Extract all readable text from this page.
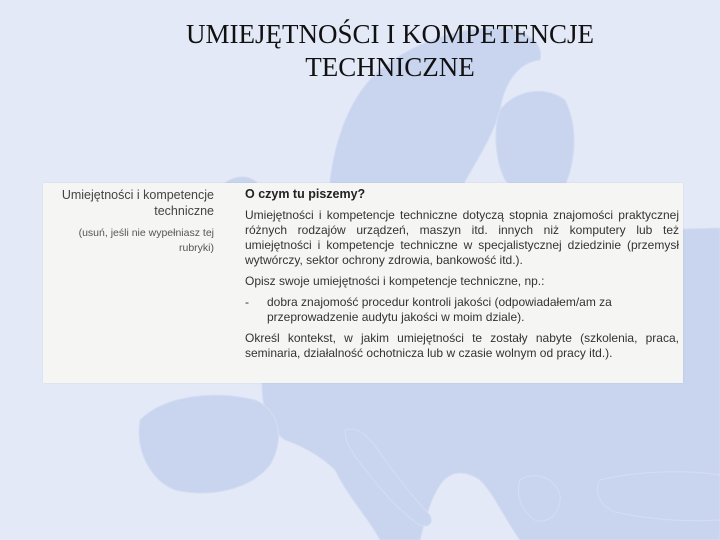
UMIEJĘTNOŚCI I KOMPETENCJE
TECHNICZNE
Umiejętności i kompetencje
techniczne
(usuń, jeśli nie wypełniasz tej rubryki)
O czym tu piszemy?

Umiejętności i kompetencje techniczne dotyczą stopnia znajomości praktycznej różnych rodzajów urządzeń, maszyn itd. innych niż komputery lub też umiejętności i kompetencje techniczne w specjalistycznej dziedzinie (przemysł wytwórczy, sektor ochrony zdrowia, bankowość itd.).

Opisz swoje umiejętności i kompetencje techniczne, np.:

-	dobra znajomość procedur kontroli jakości (odpowiadałem/am za przeprowadzenie audytu jakości w moim dziale).

Określ kontekst, w jakim umiejętności te zostały nabyte (szkolenia, praca, seminaria, działalność ochotnicza lub w czasie wolnym od pracy itd.).
